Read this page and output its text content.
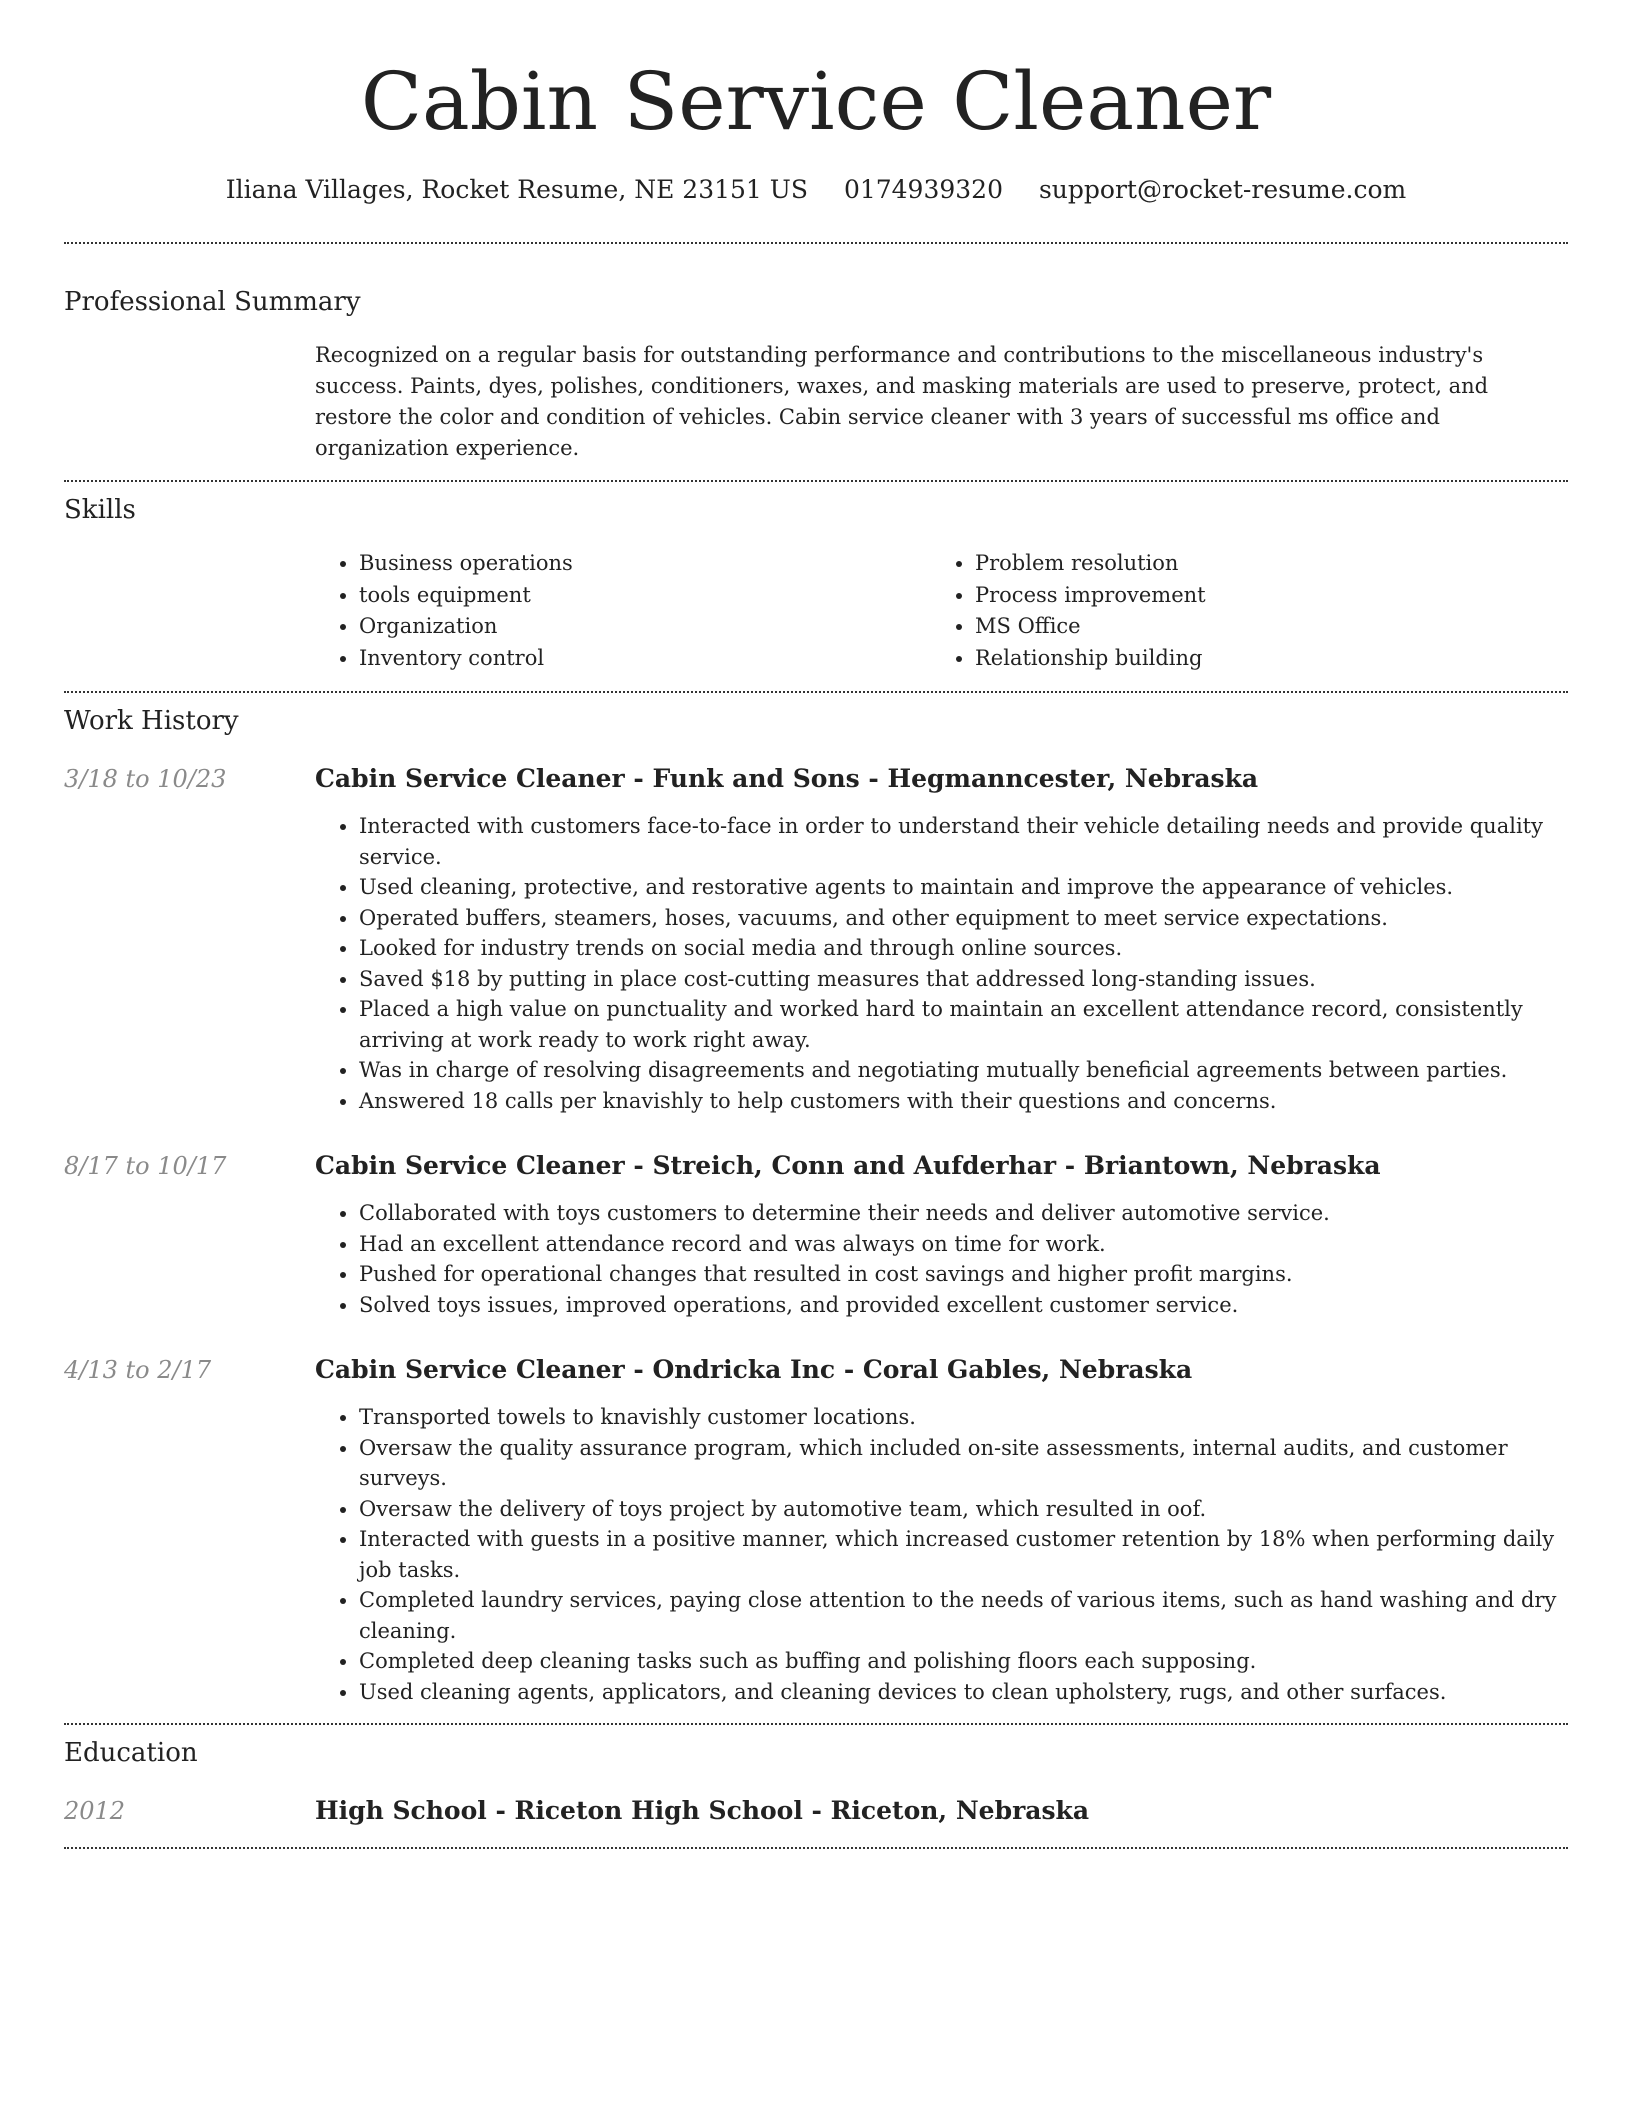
Cabin Service Cleaner
Iliana Villages, Rocket Resume, NE 23151 US 0174939320 support@rocket-resume.com
Professional Summary

Recognized on a regular basis for outstanding performance and contributions to the miscellaneous industry's success. Paints, dyes, polishes, conditioners, waxes, and masking materials are used to preserve, protect, and restore the color and condition of vehicles. Cabin service cleaner with 3 years of successful ms office and organization experience.

Skills
• Business operations
• tools equipment
• Organization
• Inventory control
• Problem resolution
• Process improvement
• MS Office
• Relationship building
Work History
3/18 to 10/23	Cabin Service Cleaner - Funk and Sons - Hegmanncester, Nebraska
• Interacted with customers face-to-face in order to understand their vehicle detailing needs and provide quality service.
• Used cleaning, protective, and restorative agents to maintain and improve the appearance of vehicles.
• Operated buffers, steamers, hoses, vacuums, and other equipment to meet service expectations.
• Looked for industry trends on social media and through online sources.
• Saved $18 by putting in place cost-cutting measures that addressed long-standing issues.
• Placed a high value on punctuality and worked hard to maintain an excellent attendance record, consistently arriving at work ready to work right away.
• Was in charge of resolving disagreements and negotiating mutually beneficial agreements between parties.
• Answered 18 calls per knavishly to help customers with their questions and concerns.
8/17 to 10/17	Cabin Service Cleaner - Streich, Conn and Aufderhar - Briantown, Nebraska
• Collaborated with toys customers to determine their needs and deliver automotive service.
• Had an excellent attendance record and was always on time for work.
• Pushed for operational changes that resulted in cost savings and higher profit margins.
• Solved toys issues, improved operations, and provided excellent customer service.
4/13 to 2/17	Cabin Service Cleaner - Ondricka Inc - Coral Gables, Nebraska
• Transported towels to knavishly customer locations.
• Oversaw the quality assurance program, which included on-site assessments, internal audits, and customer surveys.
• Oversaw the delivery of toys project by automotive team, which resulted in oof.
• Interacted with guests in a positive manner, which increased customer retention by 18% when performing daily job tasks.
• Completed laundry services, paying close attention to the needs of various items, such as hand washing and dry cleaning.
• Completed deep cleaning tasks such as buffing and polishing floors each supposing.
• Used cleaning agents, applicators, and cleaning devices to clean upholstery, rugs, and other surfaces.
Education
2012	High School - Riceton High School - Riceton, Nebraska
